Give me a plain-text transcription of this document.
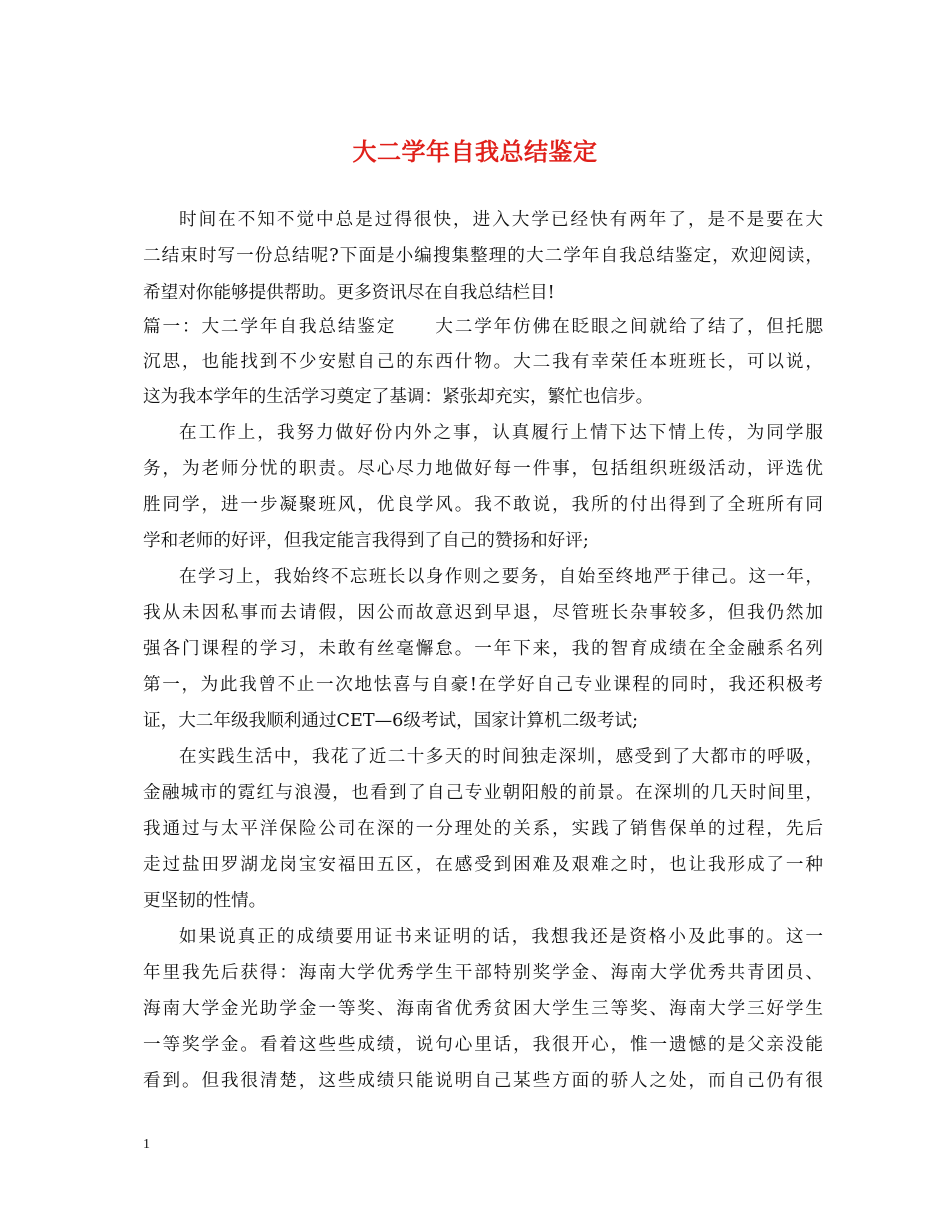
大二学年自我总结鉴定
时间在不知不觉中总是过得很快，进入大学已经快有两年了，是不是要在大
二结束时写一份总结呢?下面是小编搜集整理的大二学年自我总结鉴定，欢迎阅读，
希望对你能够提供帮助。更多资讯尽在自我总结栏目!
篇一：大二学年自我总结鉴定　　大二学年仿佛在眨眼之间就给了结了，但托腮
沉思，也能找到不少安慰自己的东西什物。大二我有幸荣任本班班长，可以说，
这为我本学年的生活学习奠定了基调：紧张却充实，繁忙也信步。
在工作上，我努力做好份内外之事，认真履行上情下达下情上传，为同学服
务，为老师分忧的职责。尽心尽力地做好每一件事，包括组织班级活动，评选优
胜同学，进一步凝聚班风，优良学风。我不敢说，我所的付出得到了全班所有同
学和老师的好评，但我定能言我得到了自己的赞扬和好评;
在学习上，我始终不忘班长以身作则之要务，自始至终地严于律己。这一年，
我从未因私事而去请假，因公而故意迟到早退，尽管班长杂事较多，但我仍然加
强各门课程的学习，未敢有丝毫懈怠。一年下来，我的智育成绩在全金融系名列
第一，为此我曾不止一次地怯喜与自豪!在学好自己专业课程的同时，我还积极考
证，大二年级我顺利通过CET—6级考试，国家计算机二级考试;
在实践生活中，我花了近二十多天的时间独走深圳，感受到了大都市的呼吸，
金融城市的霓红与浪漫，也看到了自己专业朝阳般的前景。在深圳的几天时间里，
我通过与太平洋保险公司在深的一分理处的关系，实践了销售保单的过程，先后
走过盐田罗湖龙岗宝安福田五区，在感受到困难及艰难之时，也让我形成了一种
更坚韧的性情。
如果说真正的成绩要用证书来证明的话，我想我还是资格小及此事的。这一
年里我先后获得：海南大学优秀学生干部特别奖学金、海南大学优秀共青团员、
海南大学金光助学金一等奖、海南省优秀贫困大学生三等奖、海南大学三好学生
一等奖学金。看着这些些成绩，说句心里话，我很开心，惟一遗憾的是父亲没能
看到。但我很清楚，这些成绩只能说明自己某些方面的骄人之处，而自己仍有很
1
